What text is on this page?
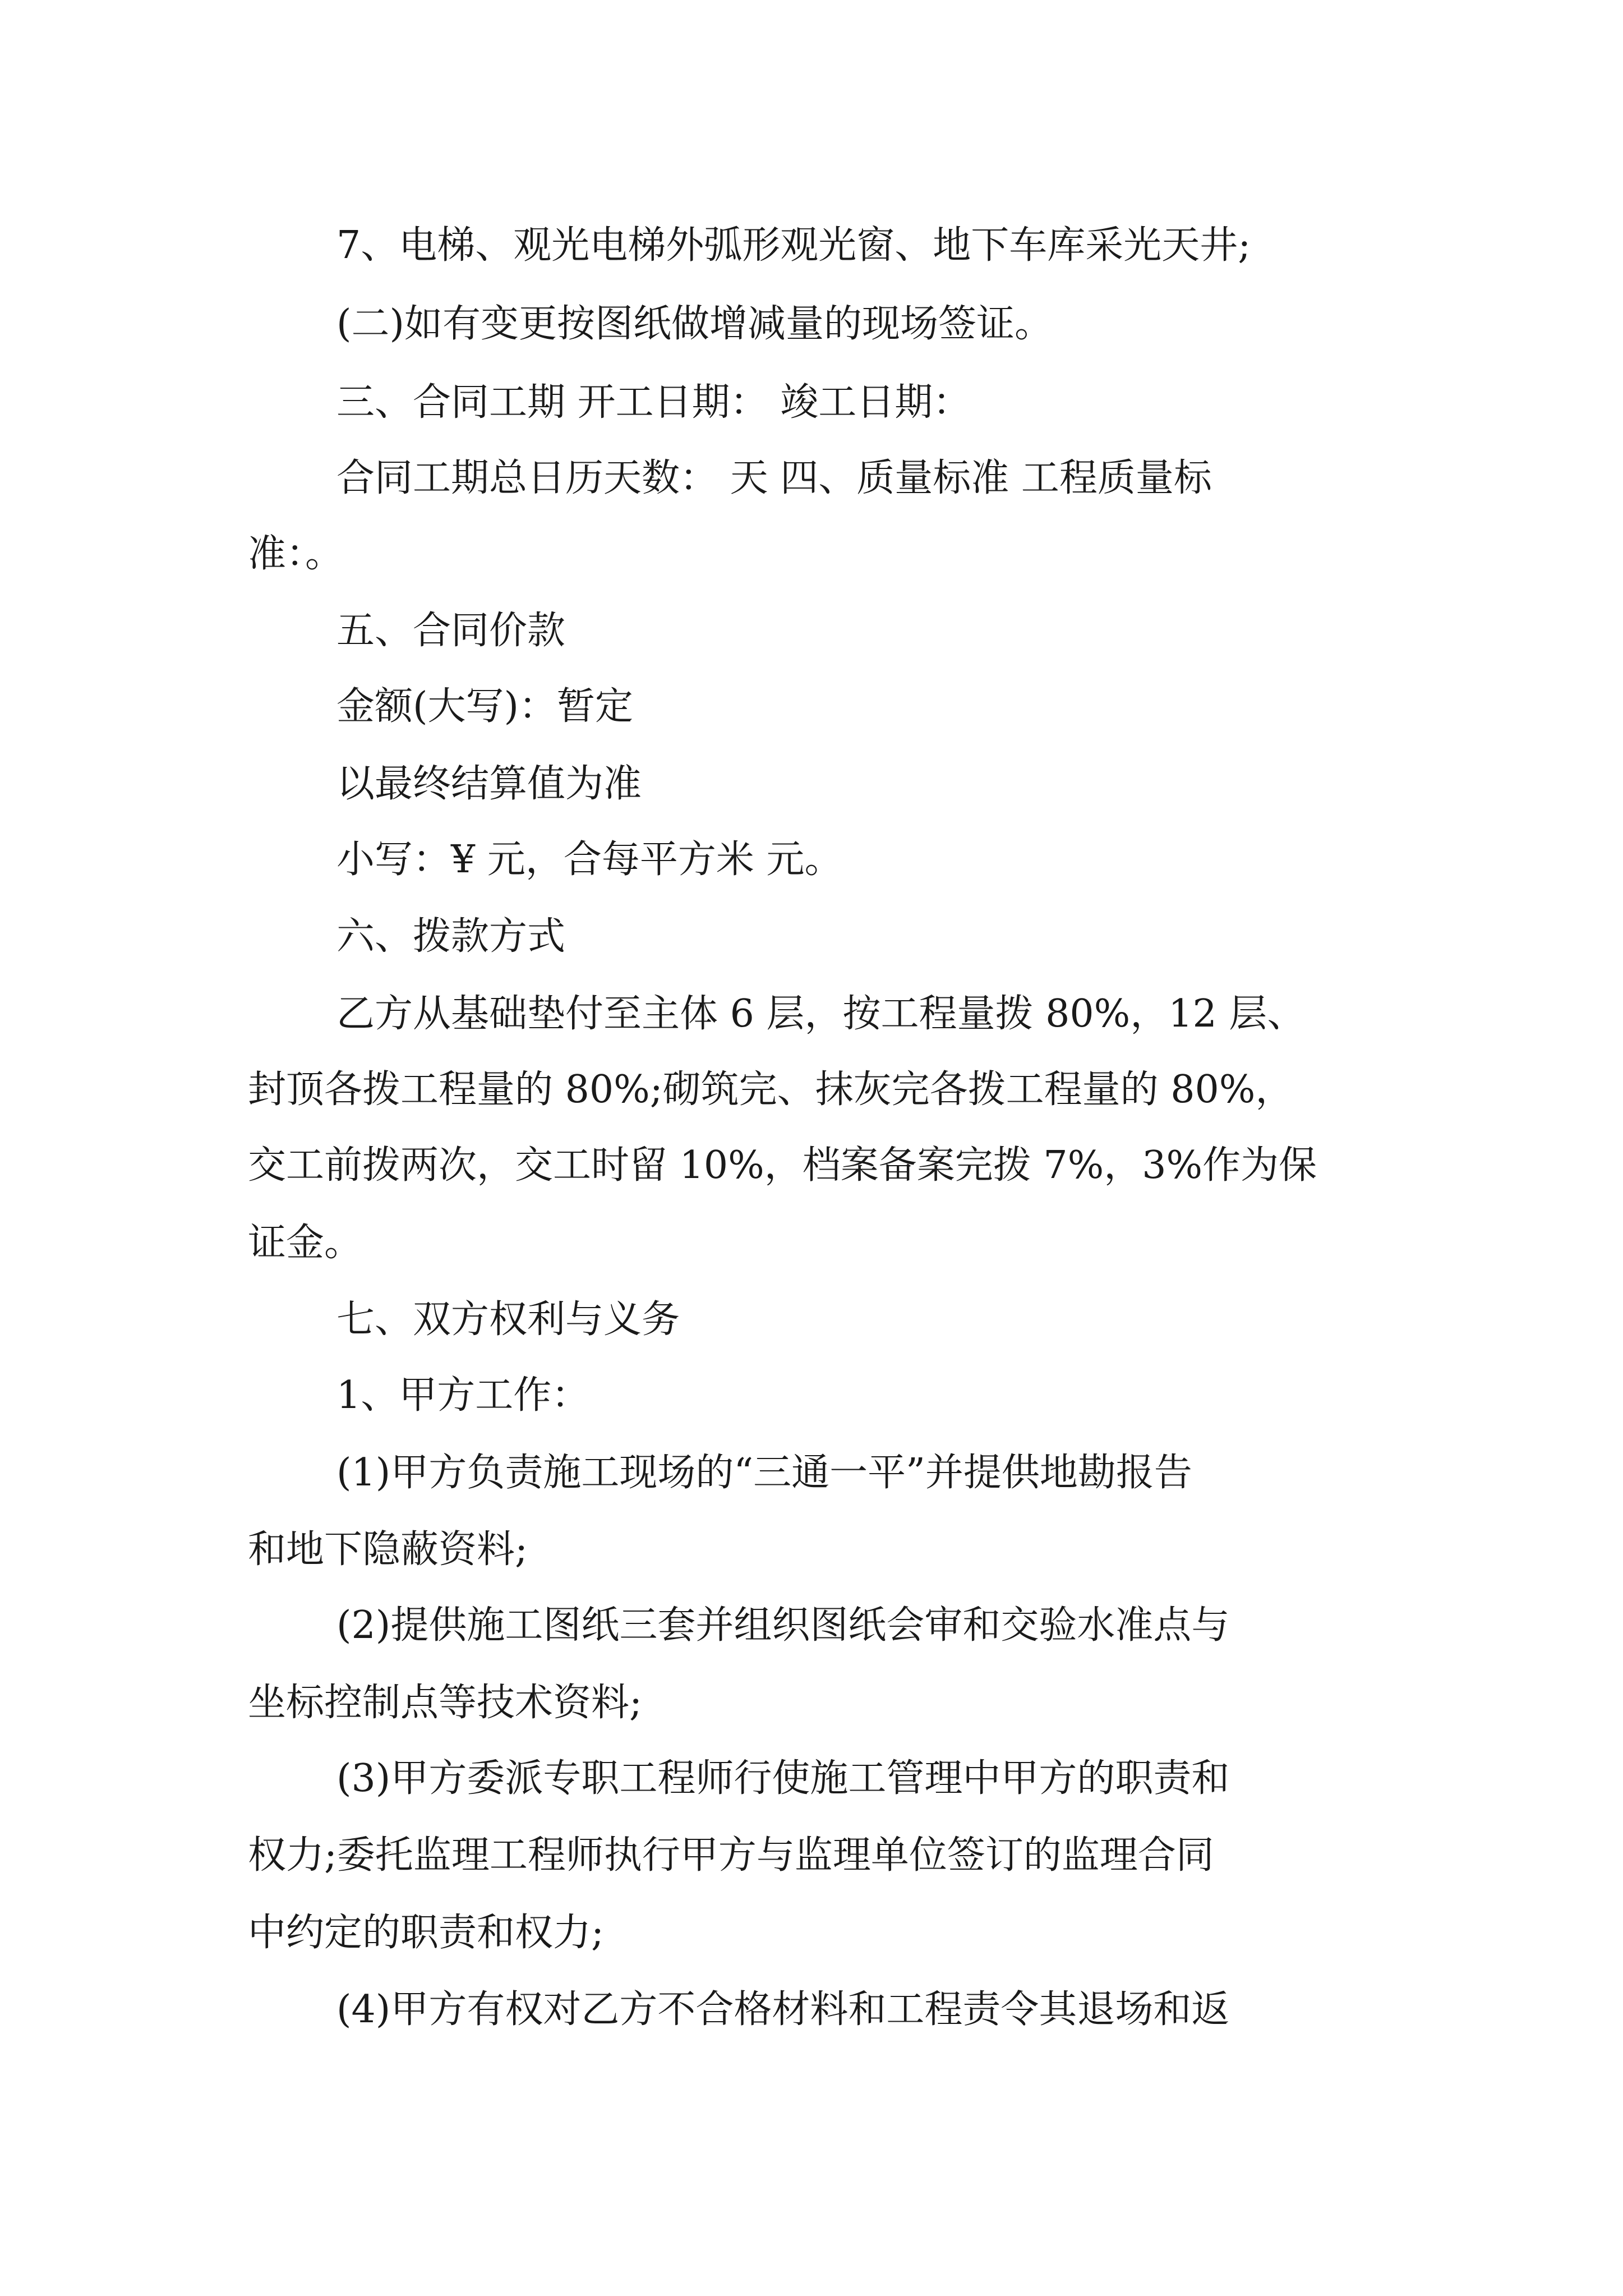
7、电梯、观光电梯外弧形观光窗、地下车库采光天井;
(二)如有变更按图纸做增减量的现场签证。
三、合同工期 开工日期： 竣工日期：
合同工期总日历天数： 天 四、质量标准 工程质量标
准：。
五、合同价款
金额(大写)：暂定
以最终结算值为准
小写：¥ 元，合每平方米 元。
六、拨款方式
乙方从基础垫付至主体 6 层，按工程量拨 80%，12 层、
封顶各拨工程量的 80%;砌筑完、抹灰完各拨工程量的 80%，
交工前拨两次，交工时留 10%，档案备案完拨 7%，3%作为保
证金。
七、双方权利与义务
1、甲方工作：
(1)甲方负责施工现场的“三通一平”并提供地勘报告
和地下隐蔽资料;
(2)提供施工图纸三套并组织图纸会审和交验水准点与
坐标控制点等技术资料;
(3)甲方委派专职工程师行使施工管理中甲方的职责和
权力;委托监理工程师执行甲方与监理单位签订的监理合同
中约定的职责和权力;
(4)甲方有权对乙方不合格材料和工程责令其退场和返
